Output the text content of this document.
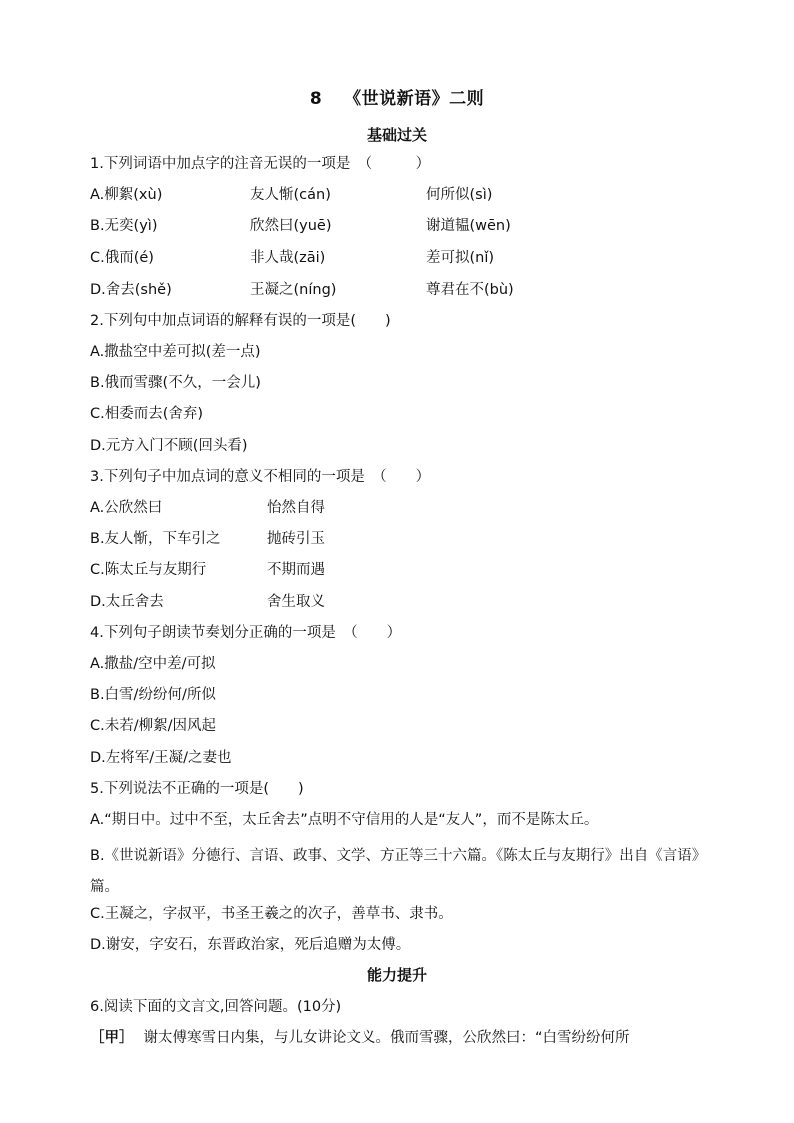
8 《世说新语》二则
基础过关
1.下列词语中加点字的注音无误的一项是　（　　　）
A.柳絮(xù)	友人惭(cán)	何所似(sì)
B.无奕(yì)	欣然曰(yuē)	谢道韫(wēn)
C.俄而(é)	非人哉(zāi)	差可拟(nǐ)
D.舍去(shě)	王凝之(níng)	尊君在不(bù)
2.下列句中加点词语的解释有误的一项是(　　)
A.撒盐空中差可拟(差一点)
B.俄而雪骤(不久，一会儿)
C.相委而去(舍弃)
D.元方入门不顾(回头看)
3.下列句子中加点词的意义不相同的一项是　（　　）
A.公欣然曰	怡然自得
B.友人惭，下车引之	抛砖引玉
C.陈太丘与友期行	不期而遇
D.太丘舍去	舍生取义
4.下列句子朗读节奏划分正确的一项是　（　　）
A.撒盐/空中差/可拟
B.白雪/纷纷何/所似
C.未若/柳絮/因风起
D.左将军/王凝/之妻也
5.下列说法不正确的一项是(　　)
A.“期日中。过中不至，太丘舍去”点明不守信用的人是“友人”，而不是陈太丘。
B.《世说新语》分德行、言语、政事、文学、方正等三十六篇。《陈太丘与友期行》出自《言语》篇。
C.王凝之，字叔平，书圣王羲之的次子，善草书、隶书。
D.谢安，字安石，东晋政治家，死后追赠为太傅。
能力提升
6.阅读下面的文言文,回答问题。(10分)
［甲］ 谢太傅寒雪日内集，与儿女讲论文义。俄而雪骤，公欣然曰：“白雪纷纷何所
